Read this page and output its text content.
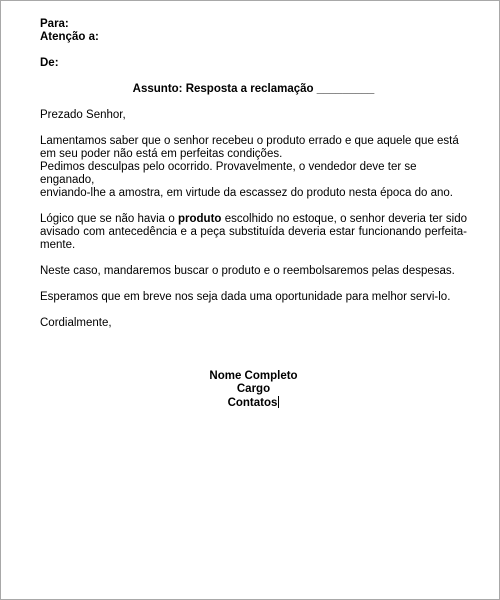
Para:
Atenção a:
De:
Assunto: Resposta a reclamação _________
Prezado Senhor,
Lamentamos saber que o senhor recebeu o produto errado e que aquele que está
em seu poder não está em perfeitas condições.
Pedimos desculpas pelo ocorrido. Provavelmente, o vendedor deve ter se enganado,
enviando-lhe a amostra, em virtude da escassez do produto nesta época do ano.
Lógico que se não havia o produto escolhido no estoque, o senhor deveria ter sido avisado com antecedência e a peça substituída deveria estar funcionando perfeita-mente.
Neste caso, mandaremos buscar o produto e o reembolsaremos pelas despesas.
Esperamos que em breve nos seja dada uma oportunidade para melhor servi-lo.
Cordialmente,
Nome Completo
Cargo
Contatos
